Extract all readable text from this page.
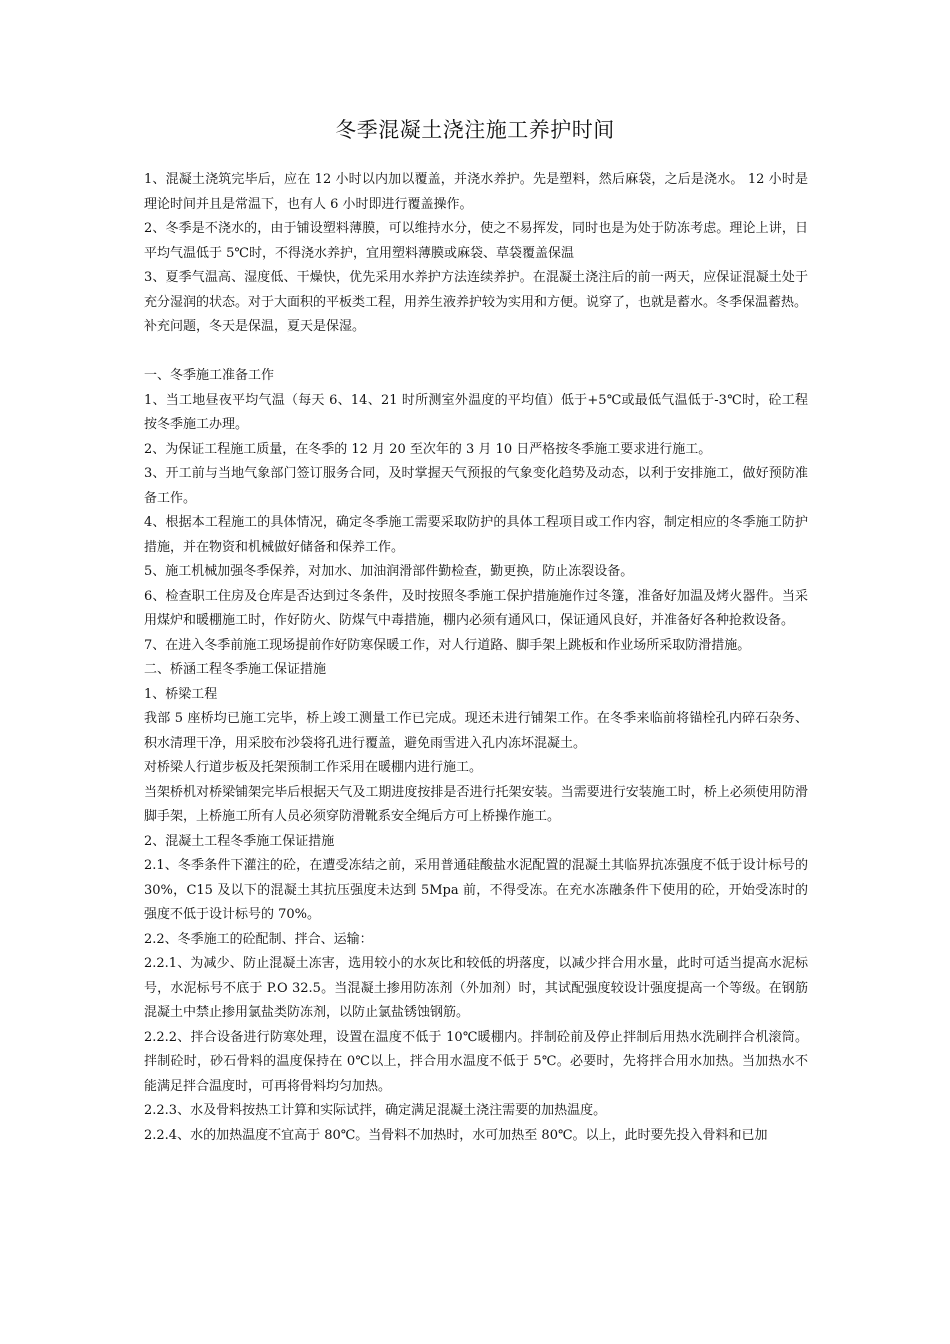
冬季混凝土浇注施工养护时间

1、混凝土浇筑完毕后，应在 12 小时以内加以覆盖，并浇水养护。先是塑料，然后麻袋，之后是浇水。 12 小时是理论时间并且是常温下，也有人 6 小时即进行覆盖操作。

2、冬季是不浇水的，由于铺设塑料薄膜，可以维持水分，使之不易挥发，同时也是为处于防冻考虑。理论上讲，日平均气温低于 5℃时，不得浇水养护，宜用塑料薄膜或麻袋、草袋覆盖保温

3、夏季气温高、湿度低、干燥快，优先采用水养护方法连续养护。在混凝土浇注后的前一两天，应保证混凝土处于充分湿润的状态。对于大面积的平板类工程，用养生液养护较为实用和方便。说穿了，也就是蓄水。冬季保温蓄热。

补充问题，冬天是保温，夏天是保湿。

一、冬季施工准备工作

1、当工地昼夜平均气温（每天 6、14、21 时所测室外温度的平均值）低于+5℃或最低气温低于-3℃时，砼工程按冬季施工办理。

2、为保证工程施工质量，在冬季的 12 月 20 至次年的 3 月 10 日严格按冬季施工要求进行施工。

3、开工前与当地气象部门签订服务合同，及时掌握天气预报的气象变化趋势及动态，以利于安排施工，做好预防准备工作。

4、根据本工程施工的具体情况，确定冬季施工需要采取防护的具体工程项目或工作内容，制定相应的冬季施工防护措施，并在物资和机械做好储备和保养工作。

5、施工机械加强冬季保养，对加水、加油润滑部件勤检查，勤更换，防止冻裂设备。

6、检查职工住房及仓库是否达到过冬条件，及时按照冬季施工保护措施施作过冬篷，准备好加温及烤火器件。当采用煤炉和暖棚施工时，作好防火、防煤气中毒措施，棚内必须有通风口，保证通风良好，并准备好各种抢救设备。

7、在进入冬季前施工现场提前作好防寒保暖工作，对人行道路、脚手架上跳板和作业场所采取防滑措施。

二、桥涵工程冬季施工保证措施

1、桥梁工程

我部 5 座桥均已施工完毕，桥上竣工测量工作已完成。现还未进行铺架工作。在冬季来临前将锚栓孔内碎石杂务、积水清理干净，用采胶布沙袋将孔进行覆盖，避免雨雪进入孔内冻坏混凝土。

对桥梁人行道步板及托架预制工作采用在暖棚内进行施工。

当架桥机对桥梁铺架完毕后根据天气及工期进度按排是否进行托架安装。当需要进行安装施工时，桥上必须使用防滑脚手架，上桥施工所有人员必须穿防滑靴系安全绳后方可上桥操作施工。

2、混凝土工程冬季施工保证措施

2.1、冬季条件下灌注的砼，在遭受冻结之前，采用普通硅酸盐水泥配置的混凝土其临界抗冻强度不低于设计标号的 30%，C15 及以下的混凝土其抗压强度未达到 5Mpa 前，不得受冻。在充水冻融条件下使用的砼，开始受冻时的强度不低于设计标号的 70%。

2.2、冬季施工的砼配制、拌合、运输：

2.2.1、为减少、防止混凝土冻害，选用较小的水灰比和较低的坍落度，以减少拌合用水量，此时可适当提高水泥标号，水泥标号不底于 P.O 32.5。当混凝土掺用防冻剂（外加剂）时，其试配强度较设计强度提高一个等级。在钢筋混凝土中禁止掺用氯盐类防冻剂，以防止氯盐锈蚀钢筋。

2.2.2、拌合设备进行防寒处理，设置在温度不低于 10℃暖棚内。拌制砼前及停止拌制后用热水洗刷拌合机滚筒。拌制砼时，砂石骨料的温度保持在 0℃以上，拌合用水温度不低于 5℃。必要时，先将拌合用水加热。当加热水不能满足拌合温度时，可再将骨料均匀加热。

2.2.3、水及骨料按热工计算和实际试拌，确定满足混凝土浇注需要的加热温度。

2.2.4、水的加热温度不宜高于 80℃。当骨料不加热时，水可加热至 80℃。以上，此时要先投入骨料和已加
